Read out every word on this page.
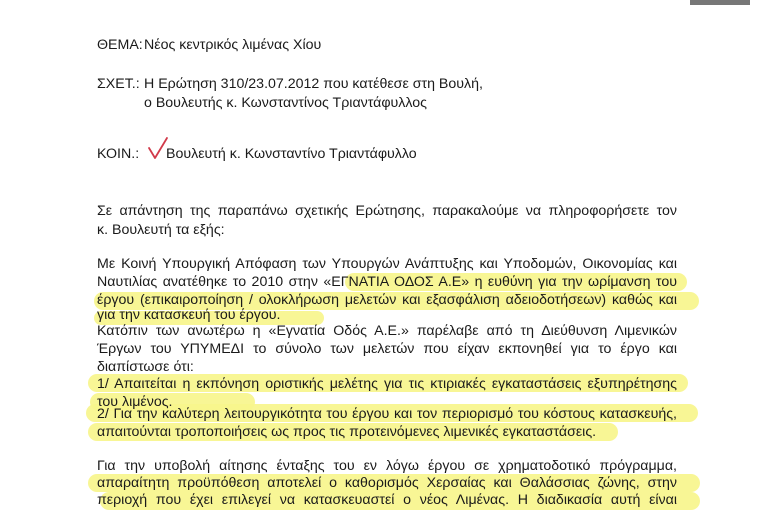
ΘΕΜΑ:Νέος κεντρικός λιμένας Χίου
ΣΧΕΤ.: Η Ερώτηση 310/23.07.2012 που κατέθεσε στη Βουλή,
ο Βουλευτής κ. Κωνσταντίνος Τριαντάφυλλος
ΚΟΙΝ.: Βουλευτή κ. Κωνσταντίνο Τριαντάφυλλο
Σε απάντηση της παραπάνω σχετικής Ερώτησης, παρακαλούμε να πληροφορήσετε τον
κ. Βουλευτή τα εξής:
Με Κοινή Υπουργική Απόφαση των Υπουργών Ανάπτυξης και Υποδομών, Οικονομίας και
Ναυτιλίας ανατέθηκε το 2010 στην «ΕΓΝΑΤΙΑ ΟΔΟΣ Α.Ε» η ευθύνη για την ωρίμανση του
έργου (επικαιροποίηση / ολοκλήρωση μελετών και εξασφάλιση αδειοδοτήσεων) καθώς και
για την κατασκευή του έργου.
Κατόπιν των ανωτέρω η «Εγνατία Οδός Α.Ε.» παρέλαβε από τη Διεύθυνση Λιμενικών
Έργων του ΥΠΥΜΕΔΙ το σύνολο των μελετών που είχαν εκπονηθεί για το έργο και
διαπίστωσε ότι:
1/ Απαιτείται η εκπόνηση οριστικής μελέτης για τις κτιριακές εγκαταστάσεις εξυπηρέτησης
του λιμένος.
2/ Για την καλύτερη λειτουργικότητα του έργου και τον περιορισμό του κόστους κατασκευής,
απαιτούνται τροποποιήσεις ως προς τις προτεινόμενες λιμενικές εγκαταστάσεις.
Για την υποβολή αίτησης ένταξης του εν λόγω έργου σε χρηματοδοτικό πρόγραμμα,
απαραίτητη προϋπόθεση αποτελεί ο καθορισμός Χερσαίας και Θαλάσσιας ζώνης, στην
περιοχή που έχει επιλεγεί να κατασκευαστεί ο νέος Λιμένας. Η διαδικασία αυτή είναι
